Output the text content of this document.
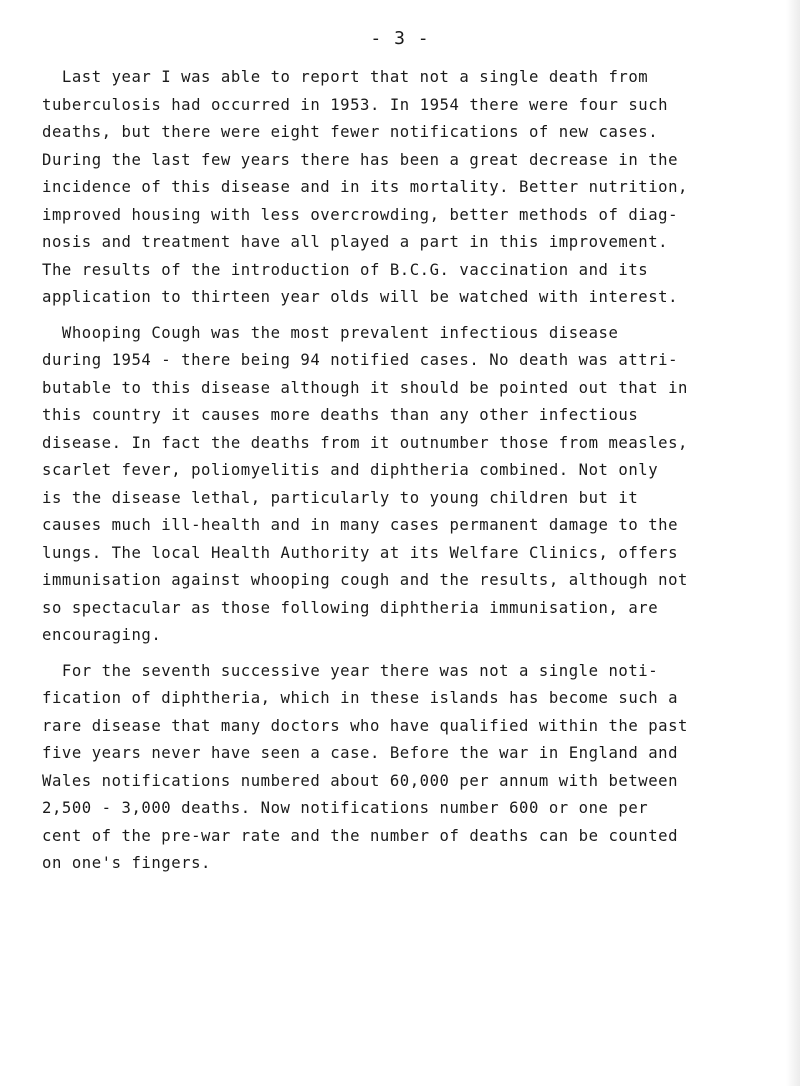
- 3 -
Last year I was able to report that not a single death from
tuberculosis had occurred in 1953. In 1954 there were four such
deaths, but there were eight fewer notifications of new cases.
During the last few years there has been a great decrease in the
incidence of this disease and in its mortality. Better nutrition,
improved housing with less overcrowding, better methods of diag-
nosis and treatment have all played a part in this improvement.
The results of the introduction of B.C.G. vaccination and its
application to thirteen year olds will be watched with interest.
Whooping Cough was the most prevalent infectious disease
during 1954 - there being 94 notified cases. No death was attri-
butable to this disease although it should be pointed out that in
this country it causes more deaths than any other infectious
disease. In fact the deaths from it outnumber those from measles,
scarlet fever, poliomyelitis and diphtheria combined. Not only
is the disease lethal, particularly to young children but it
causes much ill-health and in many cases permanent damage to the
lungs. The local Health Authority at its Welfare Clinics, offers
immunisation against whooping cough and the results, although not
so spectacular as those following diphtheria immunisation, are
encouraging.
For the seventh successive year there was not a single noti-
fication of diphtheria, which in these islands has become such a
rare disease that many doctors who have qualified within the past
five years never have seen a case. Before the war in England and
Wales notifications numbered about 60,000 per annum with between
2,500 - 3,000 deaths. Now notifications number 600 or one per
cent of the pre-war rate and the number of deaths can be counted
on one's fingers.
